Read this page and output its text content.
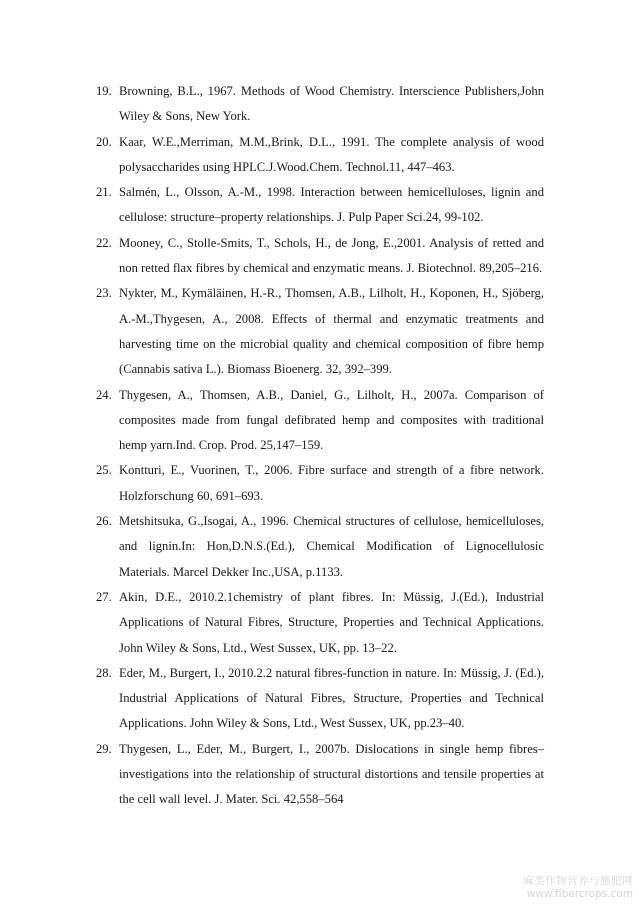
19. Browning, B.L., 1967. Methods of Wood Chemistry. Interscience Publishers,John Wiley & Sons, New York.
20. Kaar, W.E.,Merriman, M.M.,Brink, D.L., 1991. The complete analysis of wood polysaccharides using HPLC.J.Wood.Chem. Technol.11, 447–463.
21. Salmén, L., Olsson, A.-M., 1998. Interaction between hemicelluloses, lignin and cellulose: structure–property relationships. J. Pulp Paper Sci.24, 99-102.
22. Mooney, C., Stolle-Smits, T., Schols, H., de Jong, E.,2001. Analysis of retted and non retted flax fibres by chemical and enzymatic means. J. Biotechnol. 89,205–216.
23. Nykter, M., Kymäläinen, H.-R., Thomsen, A.B., Lilholt, H., Koponen, H., Sjöberg, A.-M.,Thygesen, A., 2008. Effects of thermal and enzymatic treatments and harvesting time on the microbial quality and chemical composition of fibre hemp (Cannabis sativa L.). Biomass Bioenerg. 32, 392–399.
24. Thygesen, A., Thomsen, A.B., Daniel, G., Lilholt, H., 2007a. Comparison of composites made from fungal defibrated hemp and composites with traditional hemp yarn.Ind. Crop. Prod. 25,147–159.
25. Kontturi, E., Vuorinen, T., 2006. Fibre surface and strength of a fibre network. Holzforschung 60, 691–693.
26. Metshitsuka, G.,Isogai, A., 1996. Chemical structures of cellulose, hemicelluloses, and lignin.In: Hon,D.N.S.(Ed.), Chemical Modification of Lignocellulosic Materials. Marcel Dekker Inc.,USA, p.1133.
27. Akin, D.E., 2010.2.1chemistry of plant fibres. In: Müssig, J.(Ed.), Industrial Applications of Natural Fibres, Structure, Properties and Technical Applications. John Wiley & Sons, Ltd., West Sussex, UK, pp. 13–22.
28. Eder, M., Burgert, I., 2010.2.2 natural fibres-function in nature. In: Müssig, J. (Ed.), Industrial Applications of Natural Fibres, Structure, Properties and Technical Applications. John Wiley & Sons, Ltd., West Sussex, UK, pp.23–40.
29. Thygesen, L., Eder, M., Burgert, I., 2007b. Dislocations in single hemp fibres–investigations into the relationship of structural distortions and tensile properties at the cell wall level. J. Mater. Sci. 42,558–564
麻类作物营养与施肥网
www.fibercrops.com
